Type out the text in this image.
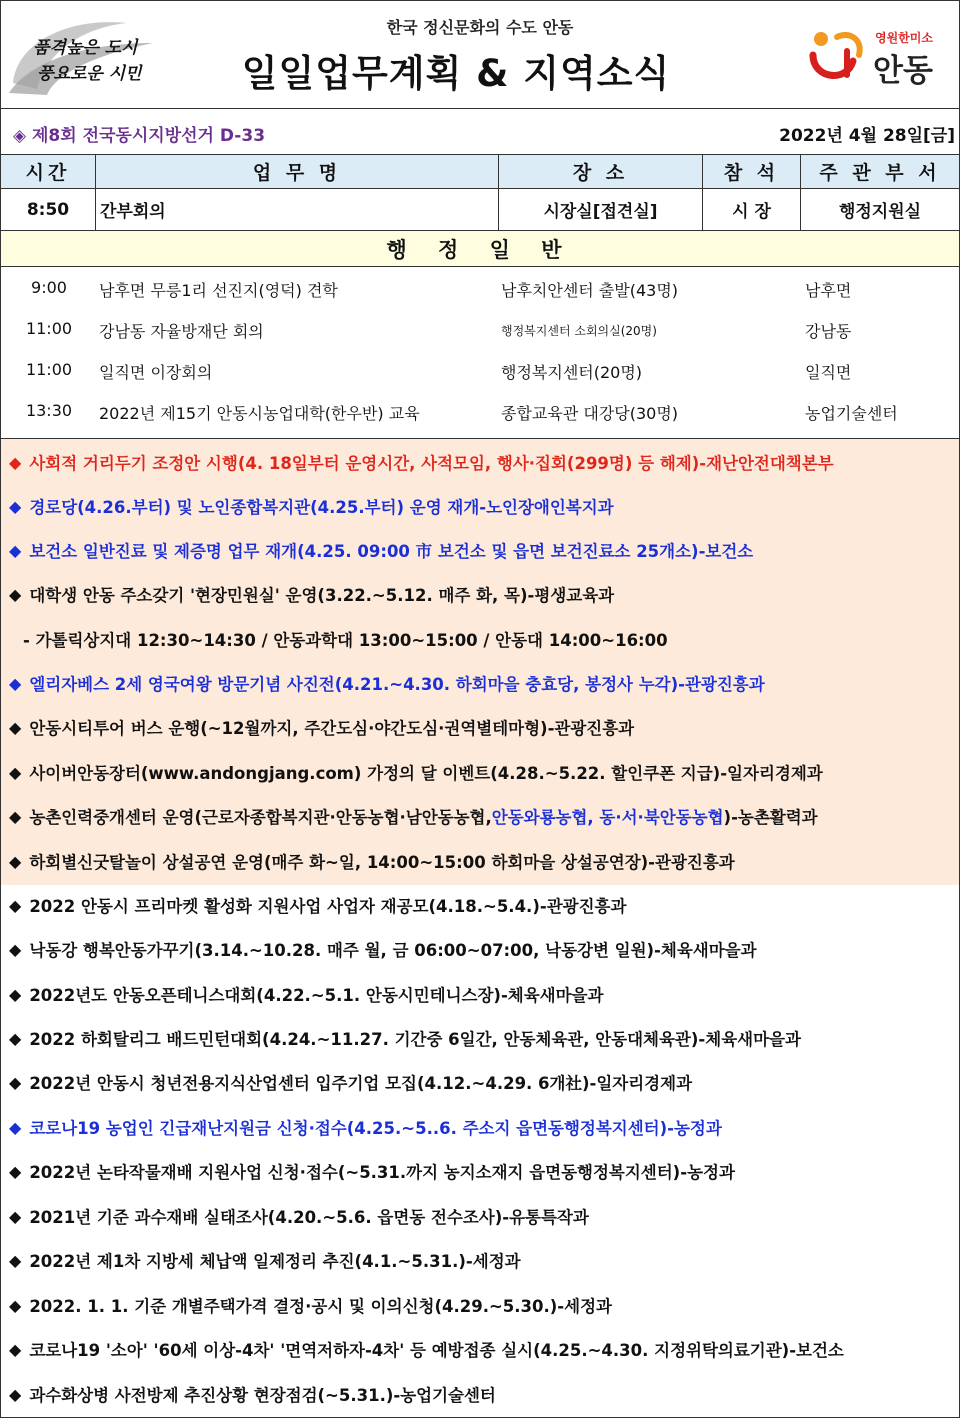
품격높은 도시
풍요로운 시민
한국 정신문화의 수도 안동
일일업무계획 & 지역소식
영원한미소
안동
◈ 제8회 전국동시지방선거 D-33	2022년 4월 28일[금]
시간	업 무 명	장 소	참 석	주 관 부 서
8:50	간부회의	시장실[접견실]	시 장	행정지원실
행 정 일 반
9:00	남후면 무릉1리 선진지(영덕) 견학	남후치안센터 출발(43명)	남후면
11:00	강남동 자율방재단 회의	행정복지센터 소회의실(20명)	강남동
11:00	일직면 이장회의	행정복지센터(20명)	일직면
13:30	2022년 제15기 안동시농업대학(한우반) 교육	종합교육관 대강당(30명)	농업기술센터
◆ 사회적 거리두기 조정안 시행(4. 18일부터 운영시간, 사적모임, 행사·집회(299명) 등 해제)-재난안전대책본부
◆ 경로당(4.26.부터) 및 노인종합복지관(4.25.부터) 운영 재개-노인장애인복지과
◆ 보건소 일반진료 및 제증명 업무 재개(4.25. 09:00 市 보건소 및 읍면 보건진료소 25개소)-보건소
◆ 대학생 안동 주소갖기 '현장민원실' 운영(3.22.~5.12. 매주 화, 목)-평생교육과
- 가톨릭상지대 12:30~14:30 / 안동과학대 13:00~15:00 / 안동대 14:00~16:00
◆ 엘리자베스 2세 영국여왕 방문기념 사진전(4.21.~4.30. 하회마을 충효당, 봉정사 누각)-관광진흥과
◆ 안동시티투어 버스 운행(~12월까지, 주간도심·야간도심·권역별테마형)-관광진흥과
◆ 사이버안동장터(www.andongjang.com) 가정의 달 이벤트(4.28.~5.22. 할인쿠폰 지급)-일자리경제과
◆ 농촌인력중개센터 운영(근로자종합복지관·안동농협·남안동농협, 안동와룡농협, 동·서·북안동농협 )-농촌활력과
◆ 하회별신굿탈놀이 상설공연 운영(매주 화~일, 14:00~15:00 하회마을 상설공연장)-관광진흥과
◆ 2022 안동시 프리마켓 활성화 지원사업 사업자 재공모(4.18.~5.4.)-관광진흥과
◆ 낙동강 행복안동가꾸기(3.14.~10.28. 매주 월, 금 06:00~07:00, 낙동강변 일원)-체육새마을과
◆ 2022년도 안동오픈테니스대회(4.22.~5.1. 안동시민테니스장)-체육새마을과
◆ 2022 하회탈리그 배드민턴대회(4.24.~11.27. 기간중 6일간, 안동체육관, 안동대체육관)-체육새마을과
◆ 2022년 안동시 청년전용지식산업센터 입주기업 모집(4.12.~4.29. 6개社)-일자리경제과
◆ 코로나19 농업인 긴급재난지원금 신청·접수(4.25.~5..6. 주소지 읍면동행정복지센터)-농정과
◆ 2022년 논타작물재배 지원사업 신청·접수(~5.31.까지 농지소재지 읍면동행정복지센터)-농정과
◆ 2021년 기준 과수재배 실태조사(4.20.~5.6. 읍면동 전수조사)-유통특작과
◆ 2022년 제1차 지방세 체납액 일제정리 추진(4.1.~5.31.)-세정과
◆ 2022. 1. 1. 기준 개별주택가격 결정·공시 및 이의신청(4.29.~5.30.)-세정과
◆ 코로나19 '소아' '60세 이상-4차' '면역저하자-4차' 등 예방접종 실시(4.25.~4.30. 지정위탁의료기관)-보건소
◆ 과수화상병 사전방제 추진상황 현장점검(~5.31.)-농업기술센터
